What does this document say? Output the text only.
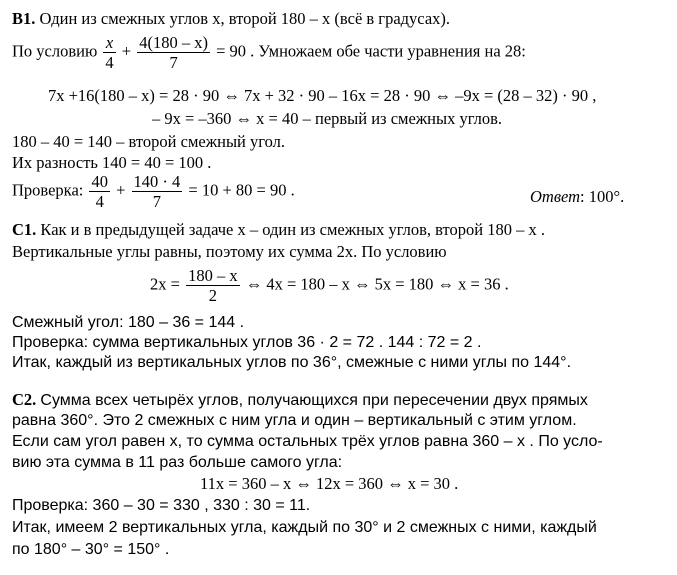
В1. Один из смежных углов x, второй 180 – x (всё в градусах).
По условию $\frac{x}{4} + \frac{4(180 - x)}{7} = 90$ . Умножаем обе части уравнения на 28:
7x +16(180 – x) = 28 · 90 ⇔ 7x + 32 · 90 – 16x = 28 · 90 ⇔ –9x = (28 – 32) · 90 ,
– 9x = –360 ⇔ x = 40 – первый из смежных углов.
180 – 40 = 140 – второй смежный угол.
Их разность 140 = 40 = 100 .
Проверка: $\frac{40}{4} + \frac{140 \cdot 4}{7} = 10 + 80 = 90$ .	Ответ: 100°.
С1. Как и в предыдущей задаче x – один из смежных углов, второй 180 – x .
Вертикальные углы равны, поэтому их сумма 2x. По условию
$2x = \frac{180 - x}{2}$ ⇔ 4x = 180 – x ⇔ 5x = 180 ⇔ x = 36 .
Смежный угол: 180 – 36 = 144 .
Проверка: сумма вертикальных углов 36 · 2 = 72 . 144 : 72 = 2 .
Итак, каждый из вертикальных углов по 36°, смежные с ними углы по 144°.
С2. Сумма всех четырёх углов, получающихся при пересечении двух прямых
равна 360°. Это 2 смежных с ним угла и один – вертикальный с этим углом.
Если сам угол равен x, то сумма остальных трёх углов равна 360 – x . По усло-
вию эта сумма в 11 раз больше самого угла:
11x = 360 – x ⇔ 12x = 360 ⇔ x = 30 .
Проверка: 360 – 30 = 330 , 330 : 30 = 11.
Итак, имеем 2 вертикальных угла, каждый по 30° и 2 смежных с ними, каждый
по 180° – 30° = 150° .
